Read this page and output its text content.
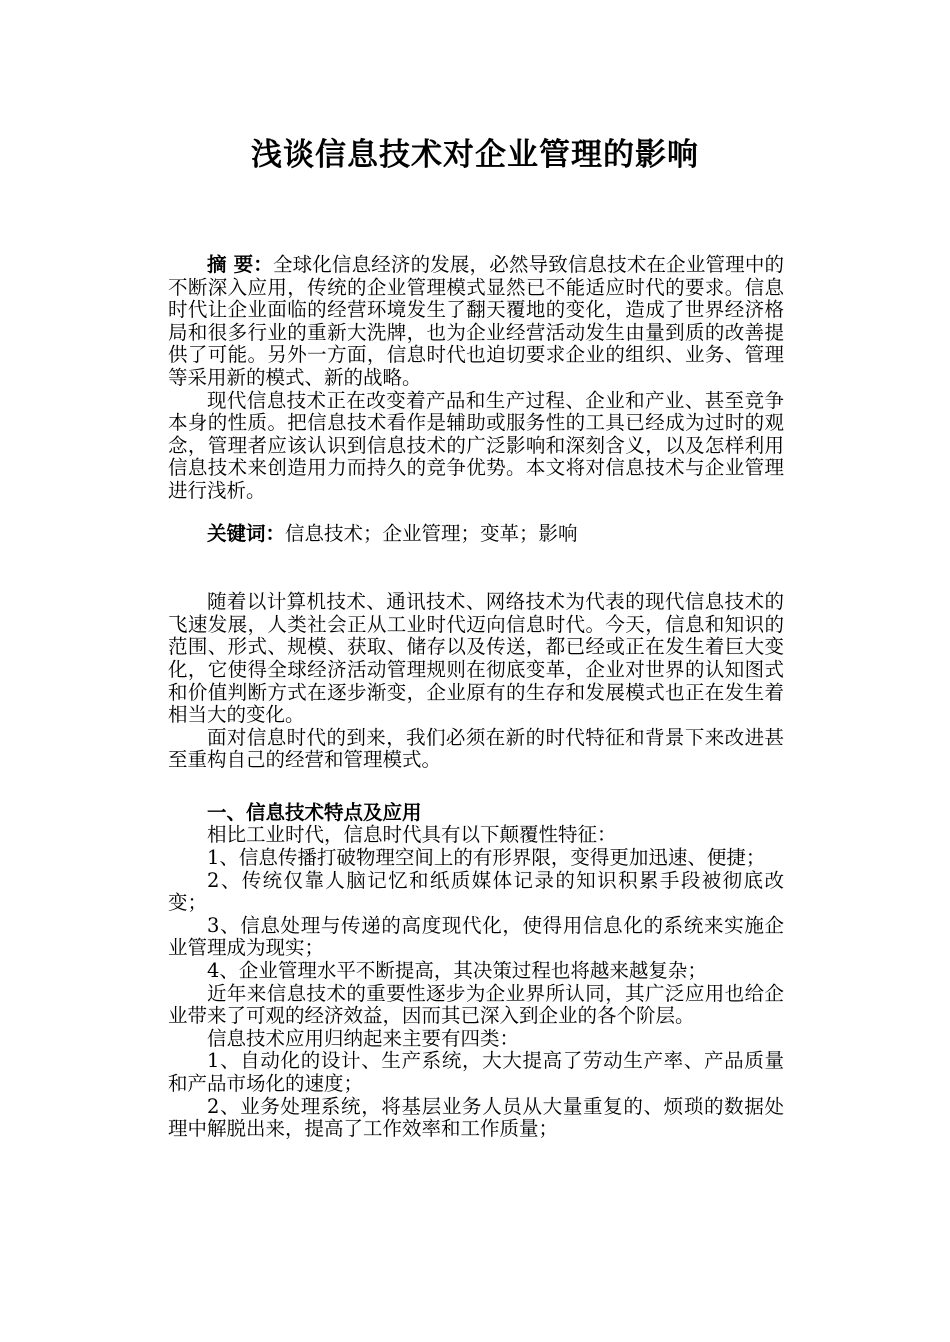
浅谈信息技术对企业管理的影响

摘 要：全球化信息经济的发展，必然导致信息技术在企业管理中的不断深入应用，传统的企业管理模式显然已不能适应时代的要求。信息时代让企业面临的经营环境发生了翻天覆地的变化，造成了世界经济格局和很多行业的重新大洗牌，也为企业经营活动发生由量到质的改善提供了可能。另外一方面，信息时代也迫切要求企业的组织、业务、管理等采用新的模式、新的战略。

现代信息技术正在改变着产品和生产过程、企业和产业、甚至竞争本身的性质。把信息技术看作是辅助或服务性的工具已经成为过时的观念，管理者应该认识到信息技术的广泛影响和深刻含义，以及怎样利用信息技术来创造用力而持久的竞争优势。本文将对信息技术与企业管理进行浅析。

关键词：信息技术；企业管理；变革；影响

随着以计算机技术、通讯技术、网络技术为代表的现代信息技术的飞速发展，人类社会正从工业时代迈向信息时代。今天，信息和知识的范围、形式、规模、获取、储存以及传送，都已经或正在发生着巨大变化，它使得全球经济活动管理规则在彻底变革，企业对世界的认知图式和价值判断方式在逐步渐变，企业原有的生存和发展模式也正在发生着相当大的变化。

面对信息时代的到来，我们必须在新的时代特征和背景下来改进甚至重构自己的经营和管理模式。

一、信息技术特点及应用

相比工业时代，信息时代具有以下颠覆性特征：

1、信息传播打破物理空间上的有形界限，变得更加迅速、便捷；

2、传统仅靠人脑记忆和纸质媒体记录的知识积累手段被彻底改变；

3、信息处理与传递的高度现代化，使得用信息化的系统来实施企业管理成为现实；

4、企业管理水平不断提高，其决策过程也将越来越复杂；

近年来信息技术的重要性逐步为企业界所认同，其广泛应用也给企业带来了可观的经济效益，因而其已深入到企业的各个阶层。

信息技术应用归纳起来主要有四类：

1、自动化的设计、生产系统，大大提高了劳动生产率、产品质量和产品市场化的速度；

2、业务处理系统，将基层业务人员从大量重复的、烦琐的数据处理中解脱出来，提高了工作效率和工作质量；
